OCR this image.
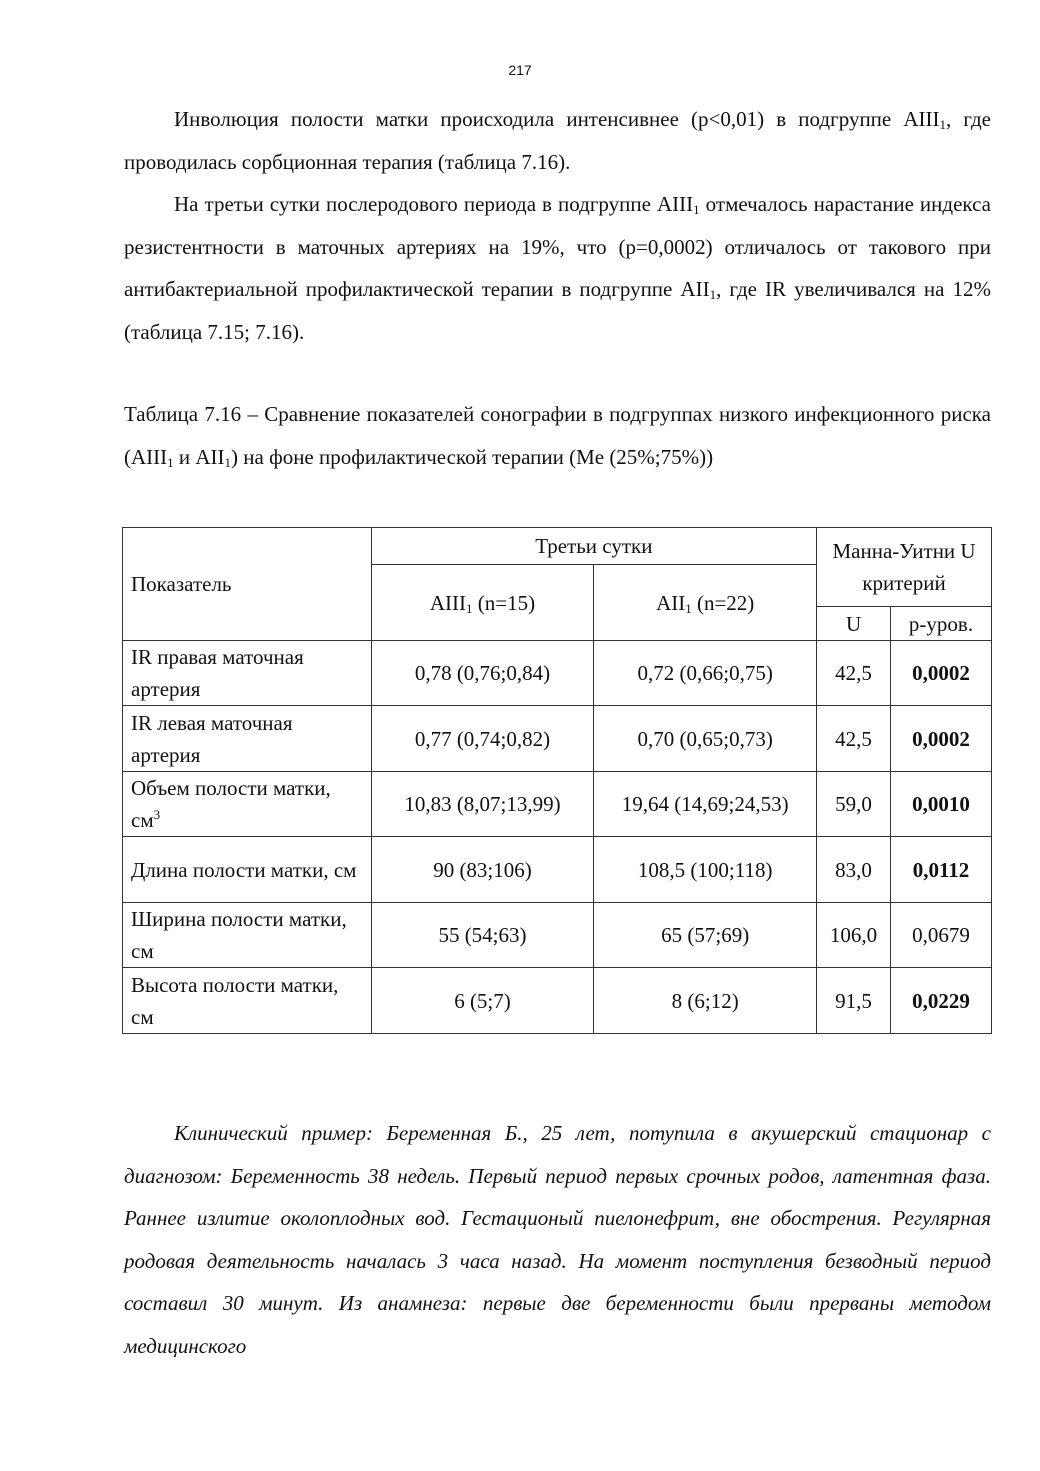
217

Инволюция полости матки происходила интенсивнее (p<0,01) в подгруппе $AIII_1$, где проводилась сорбционная терапия (таблица 7.16).

На третьи сутки послеродового периода в подгруппе $AIII_1$ отмечалось нарастание индекса резистентности в маточных артериях на 19%, что (р=0,0002) отличалось от такового при антибактериальной профилактической терапии в подгруппе $AII_1$, где IR увеличивался на 12% (таблица 7.15; 7.16).

Таблица 7.16 – Сравнение показателей сонографии в подгруппах низкого инфекционного риска ($AIII_1$ и $AII_1$) на фоне профилактической терапии (Me (25%;75%))

Показатель	Третьи сутки		Манна-Уитни U критерий	
	$AIII_1$ (n=15)	$AII_1$ (n=22)		
			U	р-уров.
IR правая маточная артерия	0,78 (0,76;0,84)	0,72 (0,66;0,75)	42,5	0,0002
IR левая маточная артерия	0,77 (0,74;0,82)	0,70 (0,65;0,73)	42,5	0,0002
Объем полости матки, $см^3$	10,83 (8,07;13,99)	19,64 (14,69;24,53)	59,0	0,0010
Длина полости матки, см	90 (83;106)	108,5 (100;118)	83,0	0,0112
Ширина полости матки, см	55 (54;63)	65 (57;69)	106,0	0,0679
Высота полости матки, см	6 (5;7)	8 (6;12)	91,5	0,0229

Клинический пример: Беременная Б., 25 лет, потупила в акушерский стационар с диагнозом: Беременность 38 недель. Первый период первых срочных родов, латентная фаза. Раннее излитие околоплодных вод. Гестационый пиелонефрит, вне обострения. Регулярная родовая деятельность началась 3 часа назад. На момент поступления безводный период составил 30 минут. Из анамнеза: первые две беременности были прерваны методом медицинского
